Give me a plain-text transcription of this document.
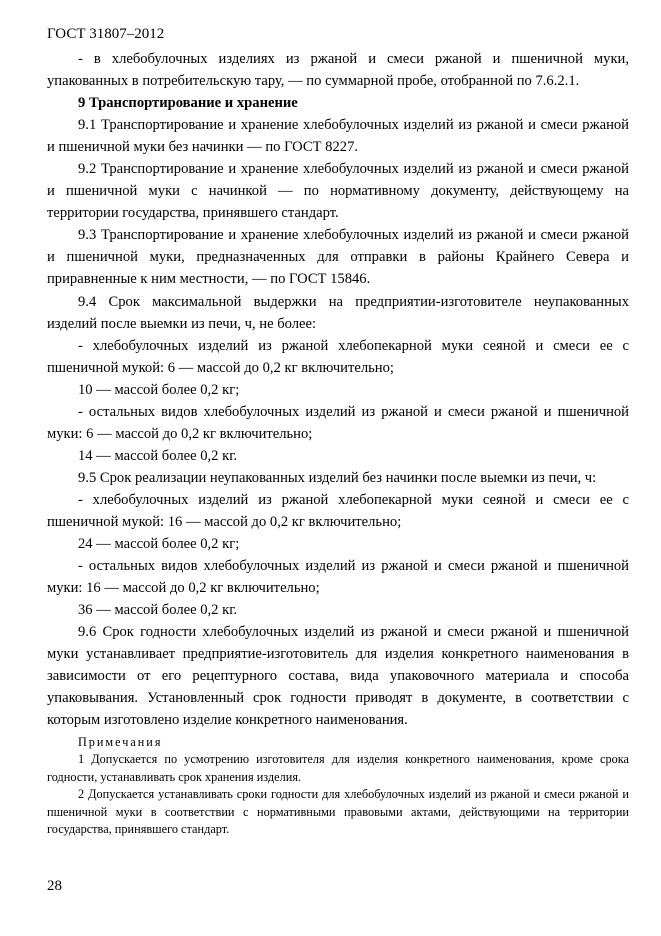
ГОСТ 31807–2012

- в хлебобулочных изделиях из ржаной и смеси ржаной и пшеничной муки, упакованных в потребительскую тару, — по суммарной пробе, отобранной по 7.6.2.1.

9 Транспортирование и хранение

9.1 Транспортирование и хранение хлебобулочных изделий из ржаной и смеси ржаной и пшеничной муки без начинки — по ГОСТ 8227.

9.2 Транспортирование и хранение хлебобулочных изделий из ржаной и смеси ржаной и пшеничной муки с начинкой — по нормативному документу, действующему на территории государства, принявшего стандарт.

9.3 Транспортирование и хранение хлебобулочных изделий из ржаной и смеси ржаной и пшеничной муки, предназначенных для отправки в районы Крайнего Севера и приравненные к ним местности, — по ГОСТ 15846.

9.4 Срок максимальной выдержки на предприятии-изготовителе неупакованных изделий после выемки из печи, ч, не более:

- хлебобулочных изделий из ржаной хлебопекарной муки сеяной и смеси ее с пшеничной мукой: 6 — массой до 0,2 кг включительно;

10 — массой более 0,2 кг;

- остальных видов хлебобулочных изделий из ржаной и смеси ржаной и пшеничной муки: 6 — массой до 0,2 кг включительно;

14 — массой более 0,2 кг.

9.5 Срок реализации неупакованных изделий без начинки после выемки из печи, ч:

- хлебобулочных изделий из ржаной хлебопекарной муки сеяной и смеси ее с пшеничной мукой: 16 — массой до 0,2 кг включительно;

24 — массой более 0,2 кг;

- остальных видов хлебобулочных изделий из ржаной и смеси ржаной и пшеничной муки: 16 — массой до 0,2 кг включительно;

36 — массой более 0,2 кг.

9.6 Срок годности хлебобулочных изделий из ржаной и смеси ржаной и пшеничной муки устанавливает предприятие-изготовитель для изделия конкретного наименования в зависимости от его рецептурного состава, вида упаковочного материала и способа упаковывания. Установленный срок годности приводят в документе, в соответствии с которым изготовлено изделие конкретного наименования.

Примечания

1 Допускается по усмотрению изготовителя для изделия конкретного наименования, кроме срока годности, устанавливать срок хранения изделия.

2 Допускается устанавливать сроки годности для хлебобулочных изделий из ржаной и смеси ржаной и пшеничной муки в соответствии с нормативными правовыми актами, действующими на территории государства, принявшего стандарт.

28
